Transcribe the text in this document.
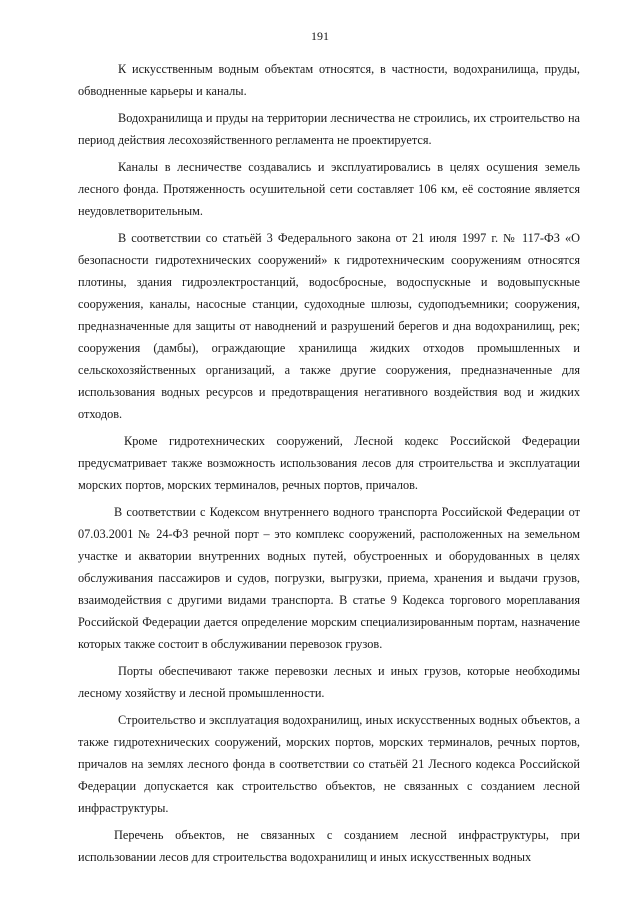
191

К искусственным водным объектам относятся, в частности, водохранилища, пруды, обводненные карьеры и каналы.

Водохранилища и пруды на территории лесничества не строились, их строительство на период действия лесохозяйственного регламента не проектируется.

Каналы в лесничестве создавались и эксплуатировались в целях осушения земель лесного фонда. Протяженность осушительной сети составляет 106 км, её состояние является неудовлетворительным.

В соответствии со статьёй 3 Федерального закона от 21 июля 1997 г. № 117-ФЗ «О безопасности гидротехнических сооружений» к гидротехническим сооружениям относятся плотины, здания гидроэлектростанций, водосбросные, водоспускные и водовыпускные сооружения, каналы, насосные станции, судоходные шлюзы, судоподъемники; сооружения, предназначенные для защиты от наводнений и разрушений берегов и дна водохранилищ, рек; сооружения (дамбы), ограждающие хранилища жидких отходов промышленных и сельскохозяйственных организаций, а также другие сооружения, предназначенные для использования водных ресурсов и предотвращения негативного воздействия вод и жидких отходов.

Кроме гидротехнических сооружений, Лесной кодекс Российской Федерации предусматривает также возможность использования лесов для строительства и эксплуатации морских портов, морских терминалов, речных портов, причалов.

В соответствии с Кодексом внутреннего водного транспорта Российской Федерации от 07.03.2001 № 24-ФЗ речной порт – это комплекс сооружений, расположенных на земельном участке и акватории внутренних водных путей, обустроенных и оборудованных в целях обслуживания пассажиров и судов, погрузки, выгрузки, приема, хранения и выдачи грузов, взаимодействия с другими видами транспорта. В статье 9 Кодекса торгового мореплавания Российской Федерации дается определение морским специализированным портам, назначение которых также состоит в обслуживании перевозок грузов.

Порты обеспечивают также перевозки лесных и иных грузов, которые необходимы лесному хозяйству и лесной промышленности.

Строительство и эксплуатация водохранилищ, иных искусственных водных объектов, а также гидротехнических сооружений, морских портов, морских терминалов, речных портов, причалов на землях лесного фонда в соответствии со статьёй 21 Лесного кодекса Российской Федерации допускается как строительство объектов, не связанных с созданием лесной инфраструктуры.

Перечень объектов, не связанных с созданием лесной инфраструктуры, при использовании лесов для строительства водохранилищ и иных искусственных водных
